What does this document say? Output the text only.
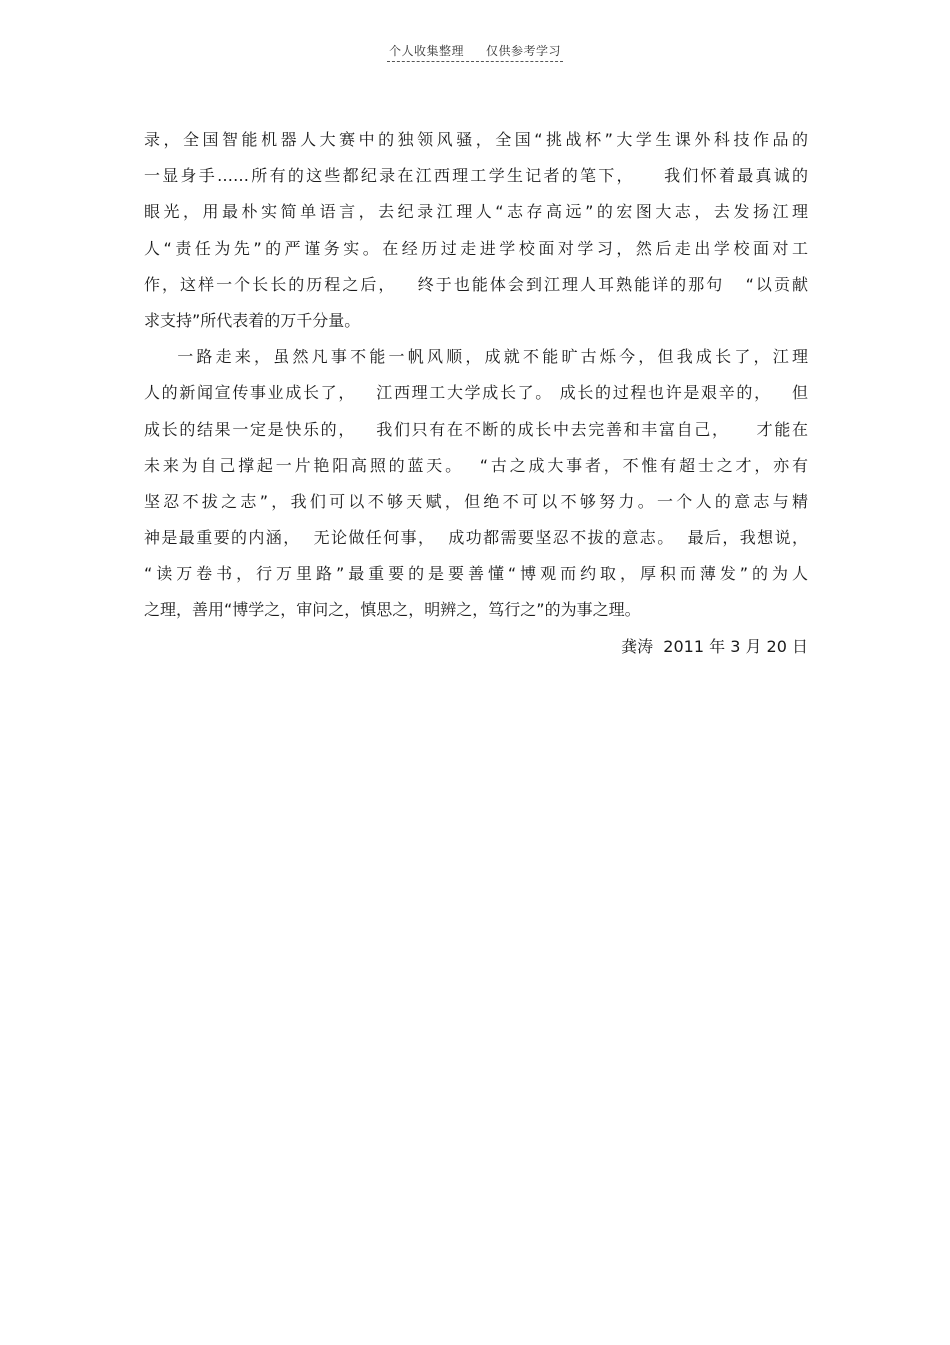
个人收集整理 仅供参考学习
录，全国智能机器人大赛中的独领风骚，全国“挑战杯”大学生课外科技作品的
一显身手……所有的这些都纪录在江西理工学生记者的笔下，    我们怀着最真诚的
眼光，用最朴实简单语言，去纪录江理人“志存高远”的宏图大志，去发扬江理
人“责任为先”的严谨务实。在经历过走进学校面对学习，然后走出学校面对工
作，这样一个长长的历程之后，   终于也能体会到江理人耳熟能详的那句   “以贡献
求支持”所代表着的万千分量。
一路走来，虽然凡事不能一帆风顺，成就不能旷古烁今，但我成长了，江理
人的新闻宣传事业成长了，   江西理工大学成长了。 成长的过程也许是艰辛的，   但
成长的结果一定是快乐的，   我们只有在不断的成长中去完善和丰富自己，    才能在
未来为自己撑起一片艳阳高照的蓝天。  “古之成大事者，不惟有超士之才，亦有
坚忍不拔之志”，我们可以不够天赋，但绝不可以不够努力。一个人的意志与精
神是最重要的内涵，  无论做任何事，  成功都需要坚忍不拔的意志。  最后，我想说，
“读万卷书，行万里路”最重要的是要善懂“博观而约取，厚积而薄发”的为人
之理，善用“博学之，审问之，慎思之，明辨之，笃行之”的为事之理。
龚涛  2011 年 3 月 20 日
